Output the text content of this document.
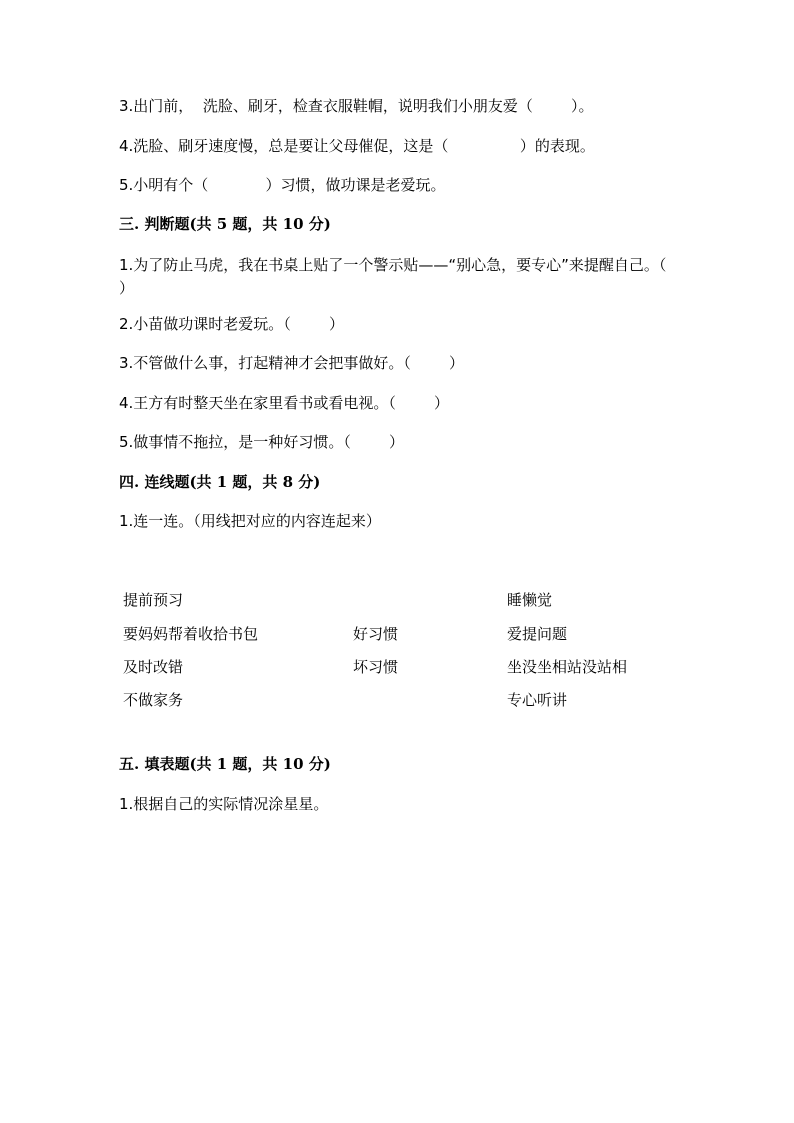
3.出门前，  洗脸、刷牙，检查衣服鞋帽，说明我们小朋友爱（        ）。
4.洗脸、刷牙速度慢，总是要让父母催促，这是（               ）的表现。
5.小明有个（            ）习惯，做功课是老爱玩。
三. 判断题(共 5 题，共 10 分)
1.为了防止马虎，我在书桌上贴了一个警示贴——“别心急，要专心”来提醒自己。（ ）
2.小苗做功课时老爱玩。（        ）
3.不管做什么事，打起精神才会把事做好。（        ）
4.王方有时整天坐在家里看书或看电视。（        ）
5.做事情不拖拉，是一种好习惯。（        ）
四. 连线题(共 1 题，共 8 分)
1.连一连。（用线把对应的内容连起来）
提前预习
要妈妈帮着收拾书包
及时改错
不做家务
好习惯
坏习惯
睡懒觉
爱提问题
坐没坐相站没站相
专心听讲
五. 填表题(共 1 题，共 10 分)
1.根据自己的实际情况涂星星。
